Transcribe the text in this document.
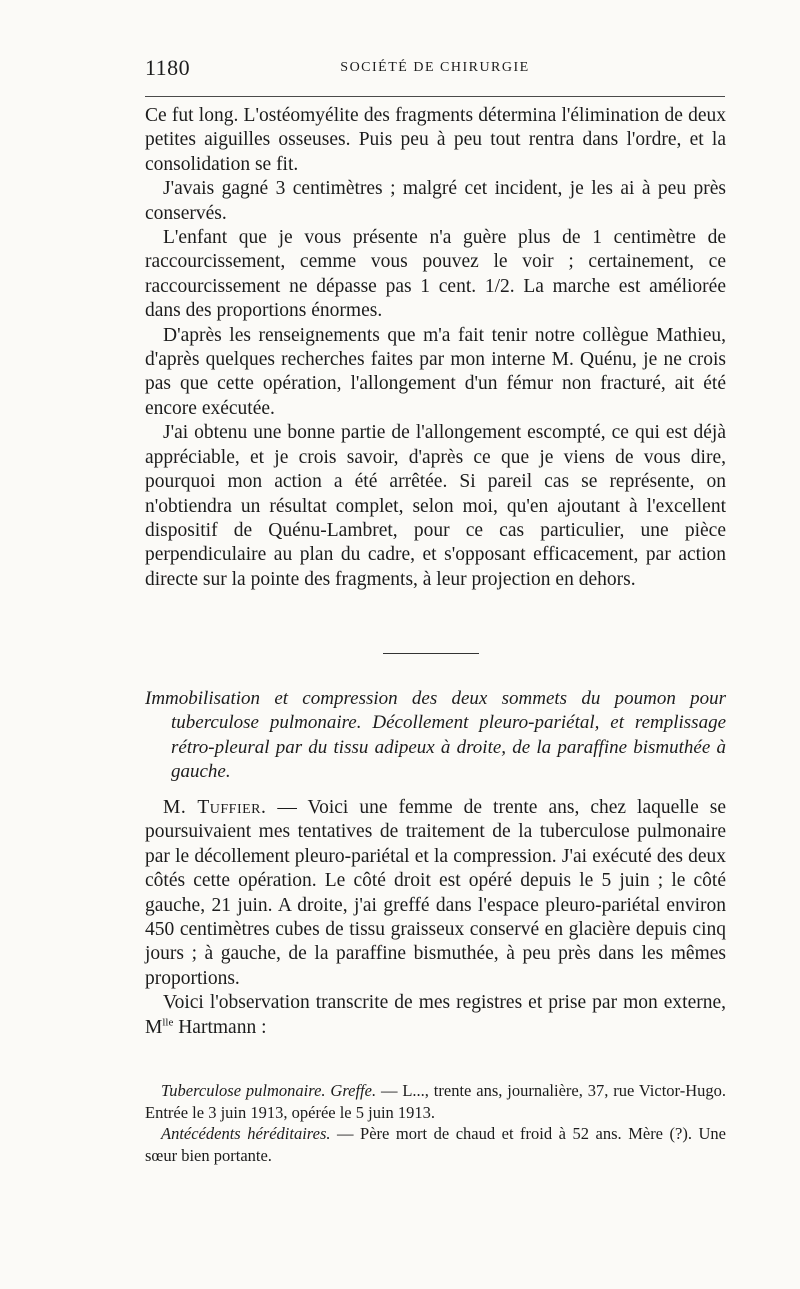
1180	SOCIÉTÉ DE CHIRURGIE

Ce fut long. L'ostéomyélite des fragments détermina l'élimination de deux petites aiguilles osseuses. Puis peu à peu tout rentra dans l'ordre, et la consolidation se fit.

J'avais gagné 3 centimètres ; malgré cet incident, je les ai à peu près conservés.

L'enfant que je vous présente n'a guère plus de 1 centimètre de raccourcissement, cemme vous pouvez le voir ; certainement, ce raccourcissement ne dépasse pas 1 cent. 1/2. La marche est améliorée dans des proportions énormes.

D'après les renseignements que m'a fait tenir notre collègue Mathieu, d'après quelques recherches faites par mon interne M. Quénu, je ne crois pas que cette opération, l'allongement d'un fémur non fracturé, ait été encore exécutée.

J'ai obtenu une bonne partie de l'allongement escompté, ce qui est déjà appréciable, et je crois savoir, d'après ce que je viens de vous dire, pourquoi mon action a été arrêtée. Si pareil cas se représente, on n'obtiendra un résultat complet, selon moi, qu'en ajoutant à l'excellent dispositif de Quénu-Lambret, pour ce cas particulier, une pièce perpendiculaire au plan du cadre, et s'opposant efficacement, par action directe sur la pointe des fragments, à leur projection en dehors.

Immobilisation et compression des deux sommets du poumon pour tuberculose pulmonaire. Décollement pleuro-pariétal, et remplissage rétro-pleural par du tissu adipeux à droite, de la paraffine bismuthée à gauche.

M. Tuffier. — Voici une femme de trente ans, chez laquelle se poursuivaient mes tentatives de traitement de la tuberculose pulmonaire par le décollement pleuro-pariétal et la compression. J'ai exécuté des deux côtés cette opération. Le côté droit est opéré depuis le 5 juin ; le côté gauche, 21 juin. A droite, j'ai greffé dans l'espace pleuro-pariétal environ 450 centimètres cubes de tissu graisseux conservé en glacière depuis cinq jours ; à gauche, de la paraffine bismuthée, à peu près dans les mêmes proportions.

Voici l'observation transcrite de mes registres et prise par mon externe, $M^{lle}$ Hartmann :

Tuberculose pulmonaire. Greffe. — L..., trente ans, journalière, 37, rue Victor-Hugo. Entrée le 3 juin 1913, opérée le 5 juin 1913.

Antécédents héréditaires. — Père mort de chaud et froid à 52 ans. Mère (?). Une sœur bien portante.
